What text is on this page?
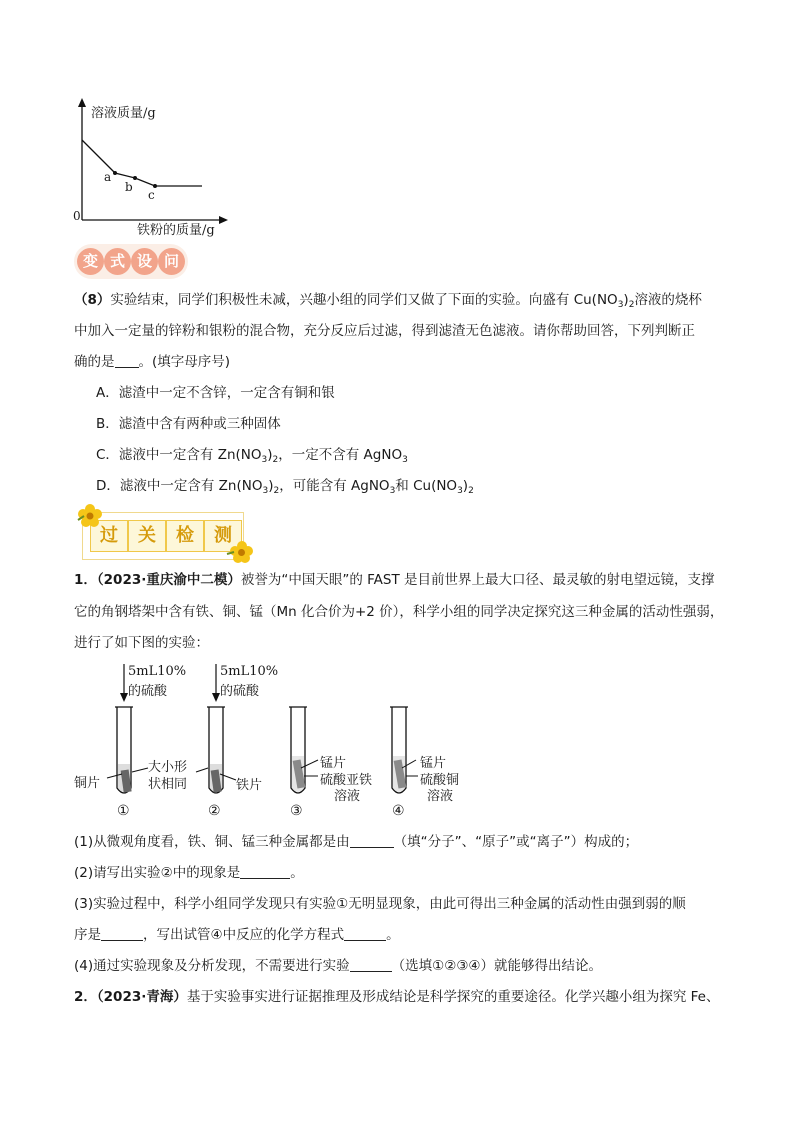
溶液质量/g
铁粉的质量/g
0
a
b
c
变 式 设 问
（8）实验结束，同学们积极性未减，兴趣小组的同学们又做了下面的实验。向盛有 $Cu(NO_3)_2$溶液的烧杯
中加入一定量的锌粉和银粉的混合物，充分反应后过滤，得到滤渣无色滤液。请你帮助回答，下列判断正
确的是 。(填字母序号)
A．滤渣中一定不含锌，一定含有铜和银
B．滤渣中含有两种或三种固体
C．滤液中一定含有 $Zn(NO_3)_2$，一定不含有 AgNO$_3$
D．滤液中一定含有 $Zn(NO_3)_2$，可能含有 AgNO$_3$和 $Cu(NO_3)_2$
过	关	检	测
1．（2023·重庆渝中二模）被誉为“中国天眼”的 FAST 是目前世界上最大口径、最灵敏的射电望远镜，支撑
它的角钢塔架中含有铁、铜、锰（Mn 化合价为+2 价），科学小组的同学决定探究这三种金属的活动性强弱，
进行了如下图的实验：
5mL10%
的硫酸
5mL10%
的硫酸
铜片
大小形
状相同	铁片
锰片
硫酸亚铁
溶液
锰片
硫酸铜
溶液
①	②	③	④
(1)从微观角度看，铁、铜、锰三种金属都是由	（填“分子”、“原子”或“离子”）构成的；
(2)请写出实验②中的现象是	。
(3)实验过程中，科学小组同学发现只有实验①无明显现象，由此可得出三种金属的活动性由强到弱的顺
序是	，写出试管④中反应的化学方程式	。
(4)通过实验现象及分析发现，不需要进行实验	（选填①②③④）就能够得出结论。
2．（2023·青海）基于实验事实进行证据推理及形成结论是科学探究的重要途径。化学兴趣小组为探究 Fe、
